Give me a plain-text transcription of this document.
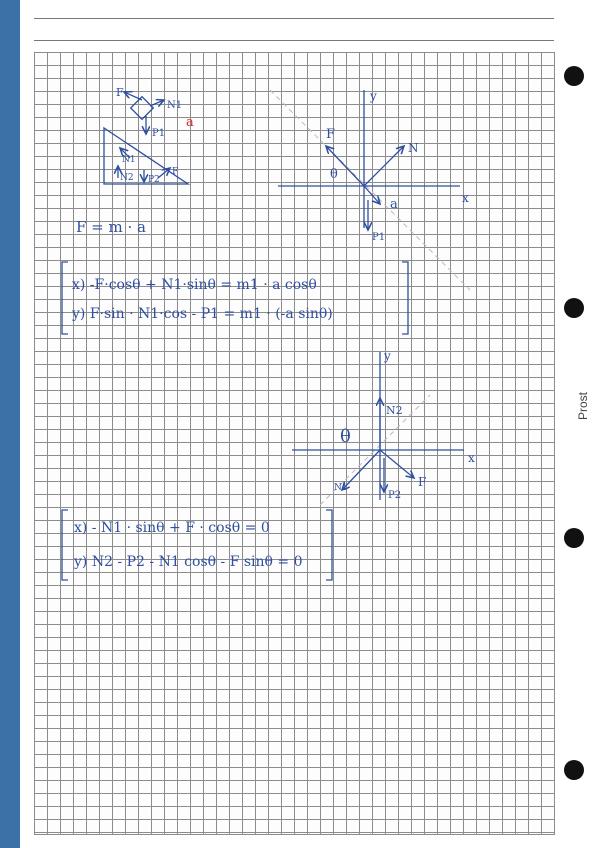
Prost
F
N1
a
P1
N1
N2 P2
F
y
x
F
N
θ
a
P1
F = m · a
x) -F·cosθ + N1·sinθ = m1 · a cosθ
y) F·sin · N1·cos - P1 = m1 · (-a sinθ)
y
x
N2
θ
P2
F
N1
x) - N1 · sinθ + F · cosθ = 0
y) N2 - P2 - N1 cosθ - F sinθ = 0
